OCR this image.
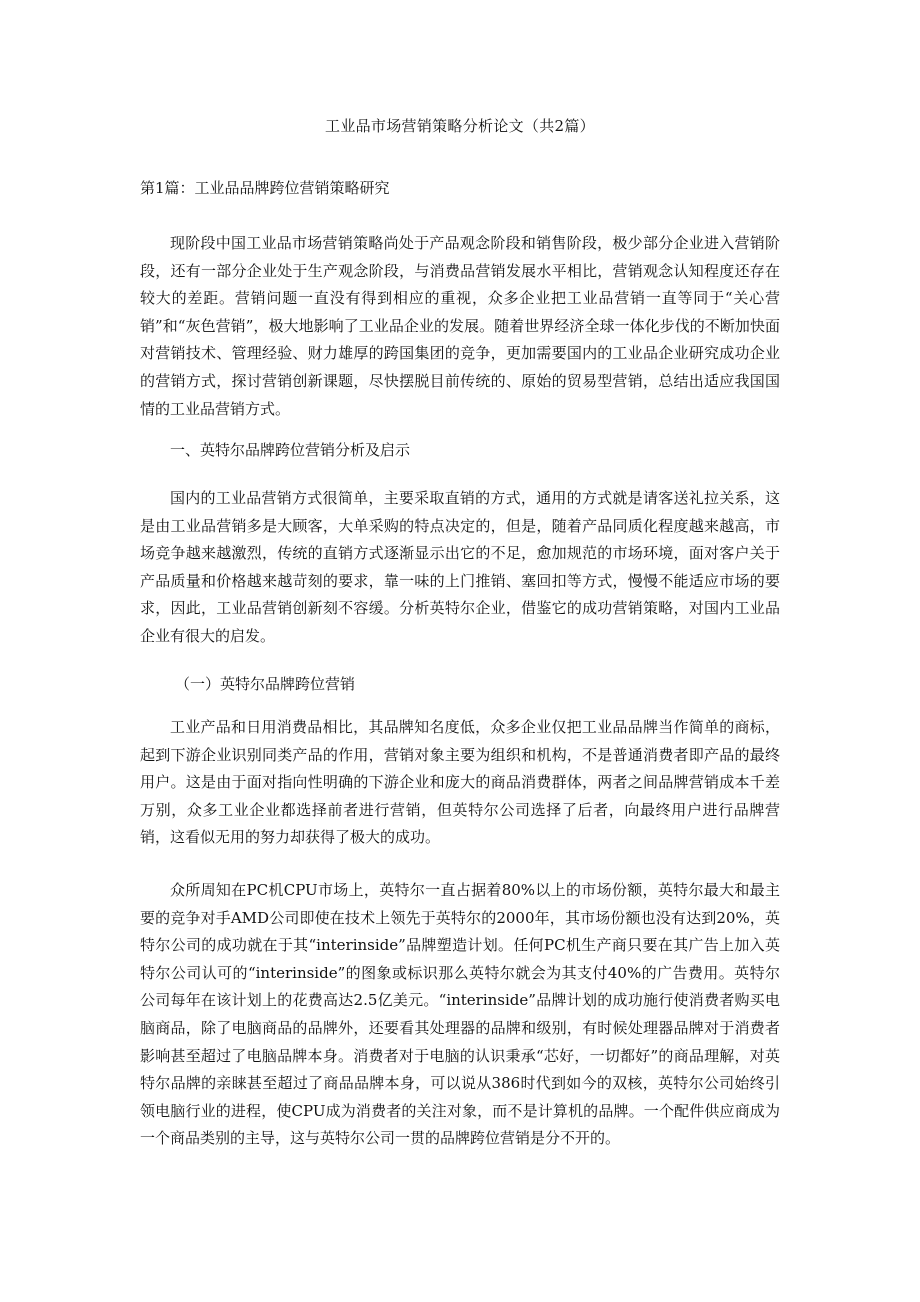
工业品市场营销策略分析论文（共2篇）
第1篇：工业品品牌跨位营销策略研究

现阶段中国工业品市场营销策略尚处于产品观念阶段和销售阶段，极少部分企业进入营销阶段，还有一部分企业处于生产观念阶段，与消费品营销发展水平相比，营销观念认知程度还存在较大的差距。营销问题一直没有得到相应的重视，众多企业把工业品营销一直等同于“关心营销”和“灰色营销”，极大地影响了工业品企业的发展。随着世界经济全球一体化步伐的不断加快面对营销技术、管理经验、财力雄厚的跨国集团的竞争，更加需要国内的工业品企业研究成功企业的营销方式，探讨营销创新课题，尽快摆脱目前传统的、原始的贸易型营销，总结出适应我国国情的工业品营销方式。

一、英特尔品牌跨位营销分析及启示

国内的工业品营销方式很简单，主要采取直销的方式，通用的方式就是请客送礼拉关系，这是由工业品营销多是大顾客，大单采购的特点决定的，但是，随着产品同质化程度越来越高，市场竞争越来越激烈，传统的直销方式逐渐显示出它的不足，愈加规范的市场环境，面对客户关于产品质量和价格越来越苛刻的要求，靠一味的上门推销、塞回扣等方式，慢慢不能适应市场的要求，因此，工业品营销创新刻不容缓。分析英特尔企业，借鉴它的成功营销策略，对国内工业品企业有很大的启发。

（一）英特尔品牌跨位营销

工业产品和日用消费品相比，其品牌知名度低，众多企业仅把工业品品牌当作简单的商标，起到下游企业识别同类产品的作用，营销对象主要为组织和机构，不是普通消费者即产品的最终用户。这是由于面对指向性明确的下游企业和庞大的商品消费群体，两者之间品牌营销成本千差万别，众多工业企业都选择前者进行营销，但英特尔公司选择了后者，向最终用户进行品牌营销，这看似无用的努力却获得了极大的成功。

众所周知在PC机CPU市场上，英特尔一直占据着80%以上的市场份额，英特尔最大和最主要的竞争对手AMD公司即使在技术上领先于英特尔的2000年，其市场份额也没有达到20%，英特尔公司的成功就在于其“interinside”品牌塑造计划。任何PC机生产商只要在其广告上加入英特尔公司认可的“interinside”的图象或标识那么英特尔就会为其支付40%的广告费用。英特尔公司每年在该计划上的花费高达2.5亿美元。“interinside”品牌计划的成功施行使消费者购买电脑商品，除了电脑商品的品牌外，还要看其处理器的品牌和级别，有时候处理器品牌对于消费者影响甚至超过了电脑品牌本身。消费者对于电脑的认识秉承“芯好，一切都好”的商品理解，对英特尔品牌的亲睐甚至超过了商品品牌本身，可以说从386时代到如今的双核，英特尔公司始终引领电脑行业的进程，使CPU成为消费者的关注对象，而不是计算机的品牌。一个配件供应商成为一个商品类别的主导，这与英特尔公司一贯的品牌跨位营销是分不开的。
